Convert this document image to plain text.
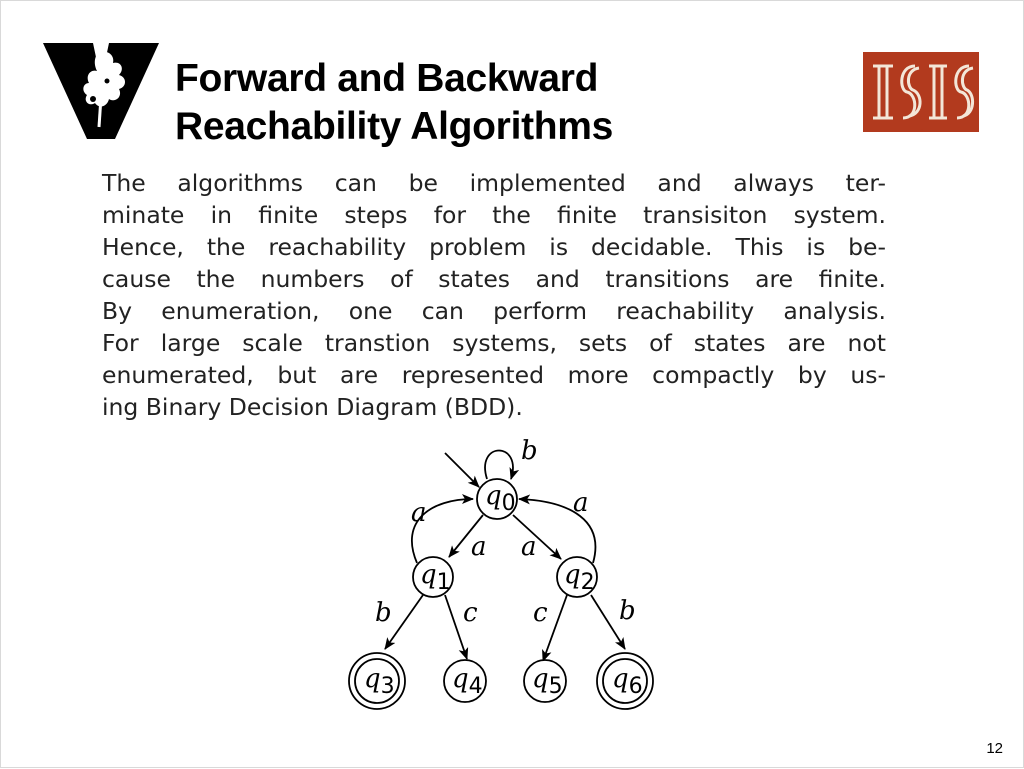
Forward and Backward
Reachability Algorithms	ISIS
The algorithms can be implemented and always ter-
minate in finite steps for the finite transisiton system.
Hence, the reachability problem is decidable. This is be-
cause the numbers of states and transitions are finite.
By enumeration, one can perform reachability analysis.
For large scale transtion systems, sets of states are not
enumerated, but are represented more compactly by us-
ing Binary Decision Diagram (BDD).
$q_0$
$q_1$	$q_2$
$q_3$ $q_4$ $q_5$ $q_6$
b
a
a
a
a
b	c c	b
12
